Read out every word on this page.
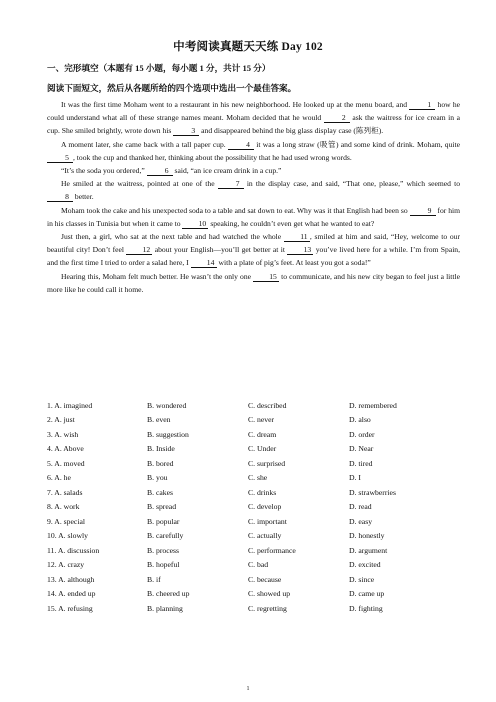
中考阅读真题天天练 Day 102
一、完形填空（本题有 15 小题，每小题 1 分，共计 15 分）
阅读下面短文，然后从各题所给的四个选项中选出一个最佳答案。

It was the first time Moham went to a restaurant in his new neighborhood. He looked up at the menu board, and 1 how he could understand what all of these strange names meant. Moham decided that he would 2 ask the waitress for ice cream in a cup. She smiled brightly, wrote down his 3 and disappeared behind the big glass display case (陈列柜).

A moment later, she came back with a tall paper cup. 4 it was a long straw (吸管) and some kind of drink. Moham, quite 5 , took the cup and thanked her, thinking about the possibility that he had used wrong words.

“It’s the soda you ordered,” 6 said, “an ice cream drink in a cup.”

He smiled at the waitress, pointed at one of the 7 in the display case, and said, “That one, please,” which seemed to 8 better.

Moham took the cake and his unexpected soda to a table and sat down to eat. Why was it that English had been so 9 for him in his classes in Tunisia but when it came to 10 speaking, he couldn’t even get what he wanted to eat?

Just then, a girl, who sat at the next table and had watched the whole 11 , smiled at him and said, “Hey, welcome to our beautiful city! Don’t feel 12 about your English—you’ll get better at it 13 you’ve lived here for a while. I’m from Spain, and the first time I tried to order a salad here, I 14 with a plate of pig’s feet. At least you got a soda!”

Hearing this, Moham felt much better. He wasn’t the only one 15 to communicate, and his new city began to feel just a little more like he could call it home.

1. A. imagined	B. wondered	C. described	D. remembered
2. A. just	B. even	C. never	D. also
3. A. wish	B. suggestion	C. dream	D. order
4. A. Above	B. Inside	C. Under	D. Near
5. A. moved	B. bored	C. surprised	D. tired
6. A. he	B. you	C. she	D. I
7. A. salads	B. cakes	C. drinks	D. strawberries
8. A. work	B. spread	C. develop	D. read
9. A. special	B. popular	C. important	D. easy
10. A. slowly	B. carefully	C. actually	D. honestly
11. A. discussion	B. process	C. performance	D. argument
12. A. crazy	B. hopeful	C. bad	D. excited
13. A. although	B. if	C. because	D. since
14. A. ended up	B. cheered up	C. showed up	D. came up
15. A. refusing	B. planning	C. regretting	D. fighting
1
